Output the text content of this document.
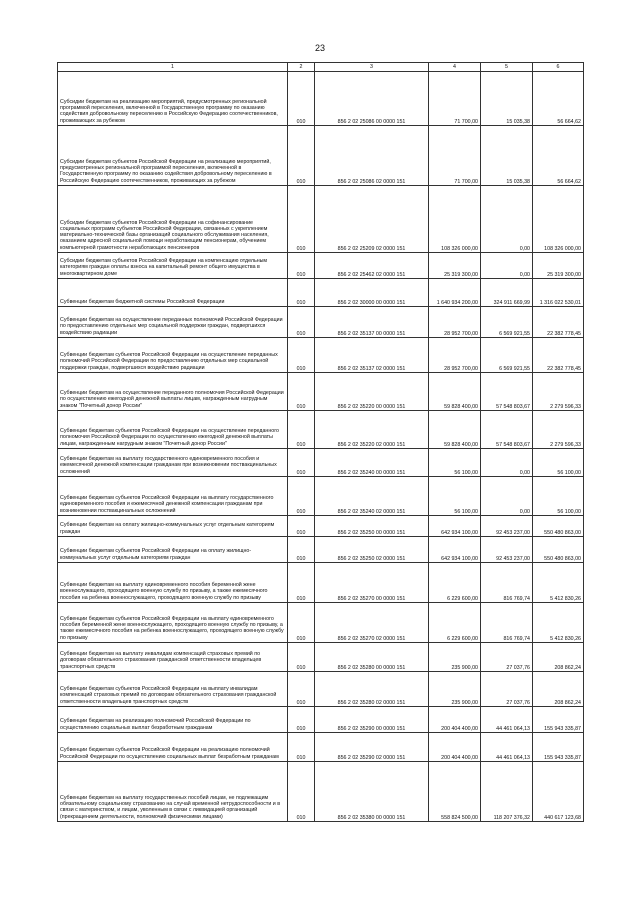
23
1	2	3	4	5	6
Субсидии бюджетам на реализацию мероприятий, предусмотренных региональной программой переселения, включенной в Государственную программу по оказанию содействия добровольному переселению в Российскую Федерацию соотечественников, проживающих за рубежом	010	856 2 02 25086 00 0000 151	71 700,00	15 035,38	56 664,62
Субсидии бюджетам субъектов Российской Федерации на реализацию мероприятий, предусмотренных региональной программой переселения, включенной в Государственную программу по оказанию содействия добровольному переселению в Российскую Федерацию соотечественников, проживающих за рубежом	010	856 2 02 25086 02 0000 151	71 700,00	15 035,38	56 664,62
Субсидии бюджетам субъектов Российской Федерации на софинансирование социальных программ субъектов Российской Федерации, связанных с укреплением материально-технической базы организаций социального обслуживания населения, оказанием адресной социальной помощи неработающим пенсионерам, обучением компьютерной грамотности неработающих пенсионеров	010	856 2 02 25209 02 0000 151	108 326 000,00	0,00	108 326 000,00
Субсидии бюджетам субъектов Российской Федерации на компенсацию отдельным категориям граждан оплаты взноса на капитальный ремонт общего имущества в многоквартирном доме	010	856 2 02 25462 02 0000 151	25 319 300,00	0,00	25 319 300,00
Субвенции бюджетам бюджетной системы Российской Федерации	010	856 2 02 30000 00 0000 151	1 640 934 200,00	324 911 669,99	1 316 022 530,01
Субвенции бюджетам на осуществление переданных полномочий Российской Федерации по предоставлению отдельных мер социальной поддержки граждан, подвергшихся воздействию радиации	010	856 2 02 35137 00 0000 151	28 952 700,00	6 569 921,55	22 382 778,45
Субвенции бюджетам субъектов Российской Федерации на осуществление переданных полномочий Российской Федерации по предоставлению отдельных мер социальной поддержки граждан, подвергшихся воздействию радиации	010	856 2 02 35137 02 0000 151	28 952 700,00	6 569 921,55	22 382 778,45
Субвенции бюджетам на осуществление переданного полномочия Российской Федерации по осуществлению ежегодной денежной выплаты лицам, награжденным нагрудным знаком "Почетный донор России"	010	856 2 02 35220 00 0000 151	59 828 400,00	57 548 803,67	2 279 596,33
Субвенции бюджетам субъектов Российской Федерации на осуществление переданного полномочия Российской Федерации по осуществлению ежегодной денежной выплаты лицам, награжденным нагрудным знаком "Почетный донор России"	010	856 2 02 35220 02 0000 151	59 828 400,00	57 548 803,67	2 279 596,33
Субвенции бюджетам на выплату государственного единовременного пособия и ежемесячной денежной компенсации гражданам при возникновении поствакцинальных осложнений	010	856 2 02 35240 00 0000 151	56 100,00	0,00	56 100,00
Субвенции бюджетам субъектов Российской Федерации на выплату государственного единовременного пособия и ежемесячной денежной компенсации гражданам при возникновении поствакцинальных осложнений	010	856 2 02 35240 02 0000 151	56 100,00	0,00	56 100,00
Субвенции бюджетам на оплату жилищно-коммунальных услуг отдельным категориям граждан	010	856 2 02 35250 00 0000 151	642 934 100,00	92 453 237,00	550 480 863,00
Субвенции бюджетам субъектов Российской Федерации на оплату жилищно-коммунальных услуг отдельным категориям граждан	010	856 2 02 35250 02 0000 151	642 934 100,00	92 453 237,00	550 480 863,00
Субвенции бюджетам на выплату единовременного пособия беременной жене военнослужащего, проходящего военную службу по призыву, а также ежемесячного пособия на ребенка военнослужащего, проходящего военную службу по призыву	010	856 2 02 35270 00 0000 151	6 229 600,00	816 769,74	5 412 830,26
Субвенции бюджетам субъектов Российской Федерации на выплату единовременного пособия беременной жене военнослужащего, проходящего военную службу по призыву, а также ежемесячного пособия на ребенка военнослужащего, проходящего военную службу по призыву	010	856 2 02 35270 02 0000 151	6 229 600,00	816 769,74	5 412 830,26
Субвенции бюджетам на выплату инвалидам компенсаций страховых премий по договорам обязательного страхования гражданской ответственности владельцев транспортных средств	010	856 2 02 35280 00 0000 151	235 900,00	27 037,76	208 862,24
Субвенции бюджетам субъектов Российской Федерации на выплату инвалидам компенсаций страховых премий по договорам обязательного страхования гражданской ответственности владельцев транспортных средств	010	856 2 02 35280 02 0000 151	235 900,00	27 037,76	208 862,24
Субвенции бюджетам на реализацию полномочий Российской Федерации по осуществлению социальных выплат безработным гражданам	010	856 2 02 35290 00 0000 151	200 404 400,00	44 461 064,13	155 943 335,87
Субвенции бюджетам субъектов Российской Федерации на реализацию полномочий Российской Федерации по осуществлению социальных выплат безработным гражданам	010	856 2 02 35290 02 0000 151	200 404 400,00	44 461 064,13	155 943 335,87
Субвенции бюджетам на выплату государственных пособий лицам, не подлежащим обязательному социальному страхованию на случай временной нетрудоспособности и в связи с материнством, и лицам, уволенным в связи с ликвидацией организаций (прекращением деятельности, полномочий физическими лицами)	010	856 2 02 35380 00 0000 151	558 824 500,00	118 207 376,32	440 617 123,68
